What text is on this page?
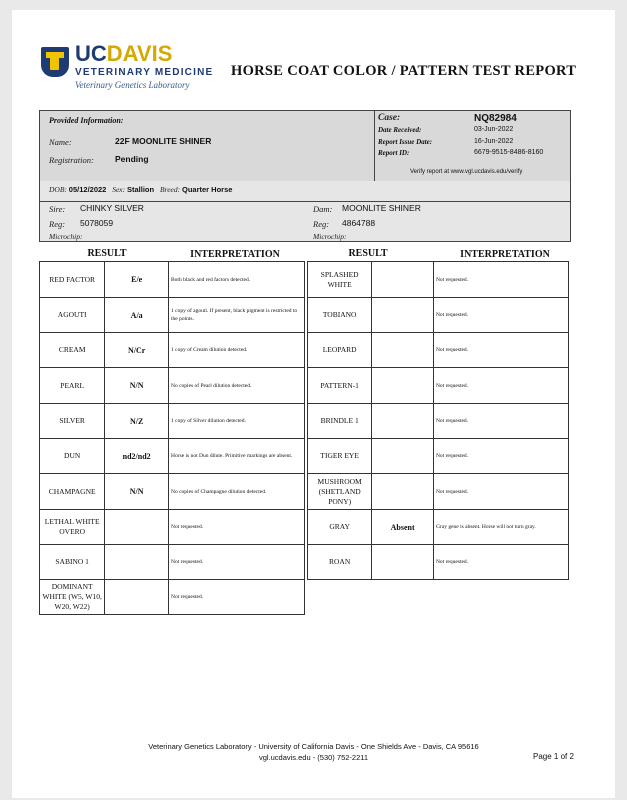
UCDAVIS
VETERINARY MEDICINE
Veterinary Genetics Laboratory
HORSE COAT COLOR / PATTERN TEST REPORT
Provided Information:
Name:	22F MOONLITE SHINER
Registration: Pending
Case:	NQ82984
Date Received:	03-Jun-2022
Report Issue Date:	16-Jun-2022
Report ID:	6679-9515-8486-8160
Verify report at www.vgl.ucdavis.edu/verify
DOB: 05/12/2022 Sex: Stallion Breed: Quarter Horse
Sire: CHINKY SILVER
Reg: 5078059
Microchip:
Dam: MOONLITE SHINER
Reg: 4864788
Microchip:
RESULT	INTERPRETATION	RESULT	INTERPRETATION
RED FACTOR	E/e	Both black and red factors detected.
AGOUTI	A/a	1 copy of agouti. If present, black pigment is restricted to the points.
CREAM	N/Cr	1 copy of Cream dilution detected.
PEARL	N/N	No copies of Pearl dilution detected.
SILVER	N/Z	1 copy of Silver dilution detected.
DUN	nd2/nd2	Horse is not Dun dilute. Primitive markings are absent.
CHAMPAGNE	N/N	No copies of Champagne dilution detected.
LETHAL WHITE OVERO		Not requested.
SABINO 1		Not requested.
DOMINANT WHITE (W5, W10, W20, W22)		Not requested.
SPLASHED WHITE		Not requested.
TOBIANO		Not requested.
LEOPARD		Not requested.
PATTERN-1		Not requested.
BRINDLE 1		Not requested.
TIGER EYE		Not requested.
MUSHROOM (SHETLAND PONY)		Not requested.
GRAY	Absent	Gray gene is absent. Horse will not turn gray.
ROAN		Not requested.
Veterinary Genetics Laboratory - University of California Davis - One Shields Ave - Davis, CA 95616
vgl.ucdavis.edu - (530) 752-2211	Page 1 of 2
